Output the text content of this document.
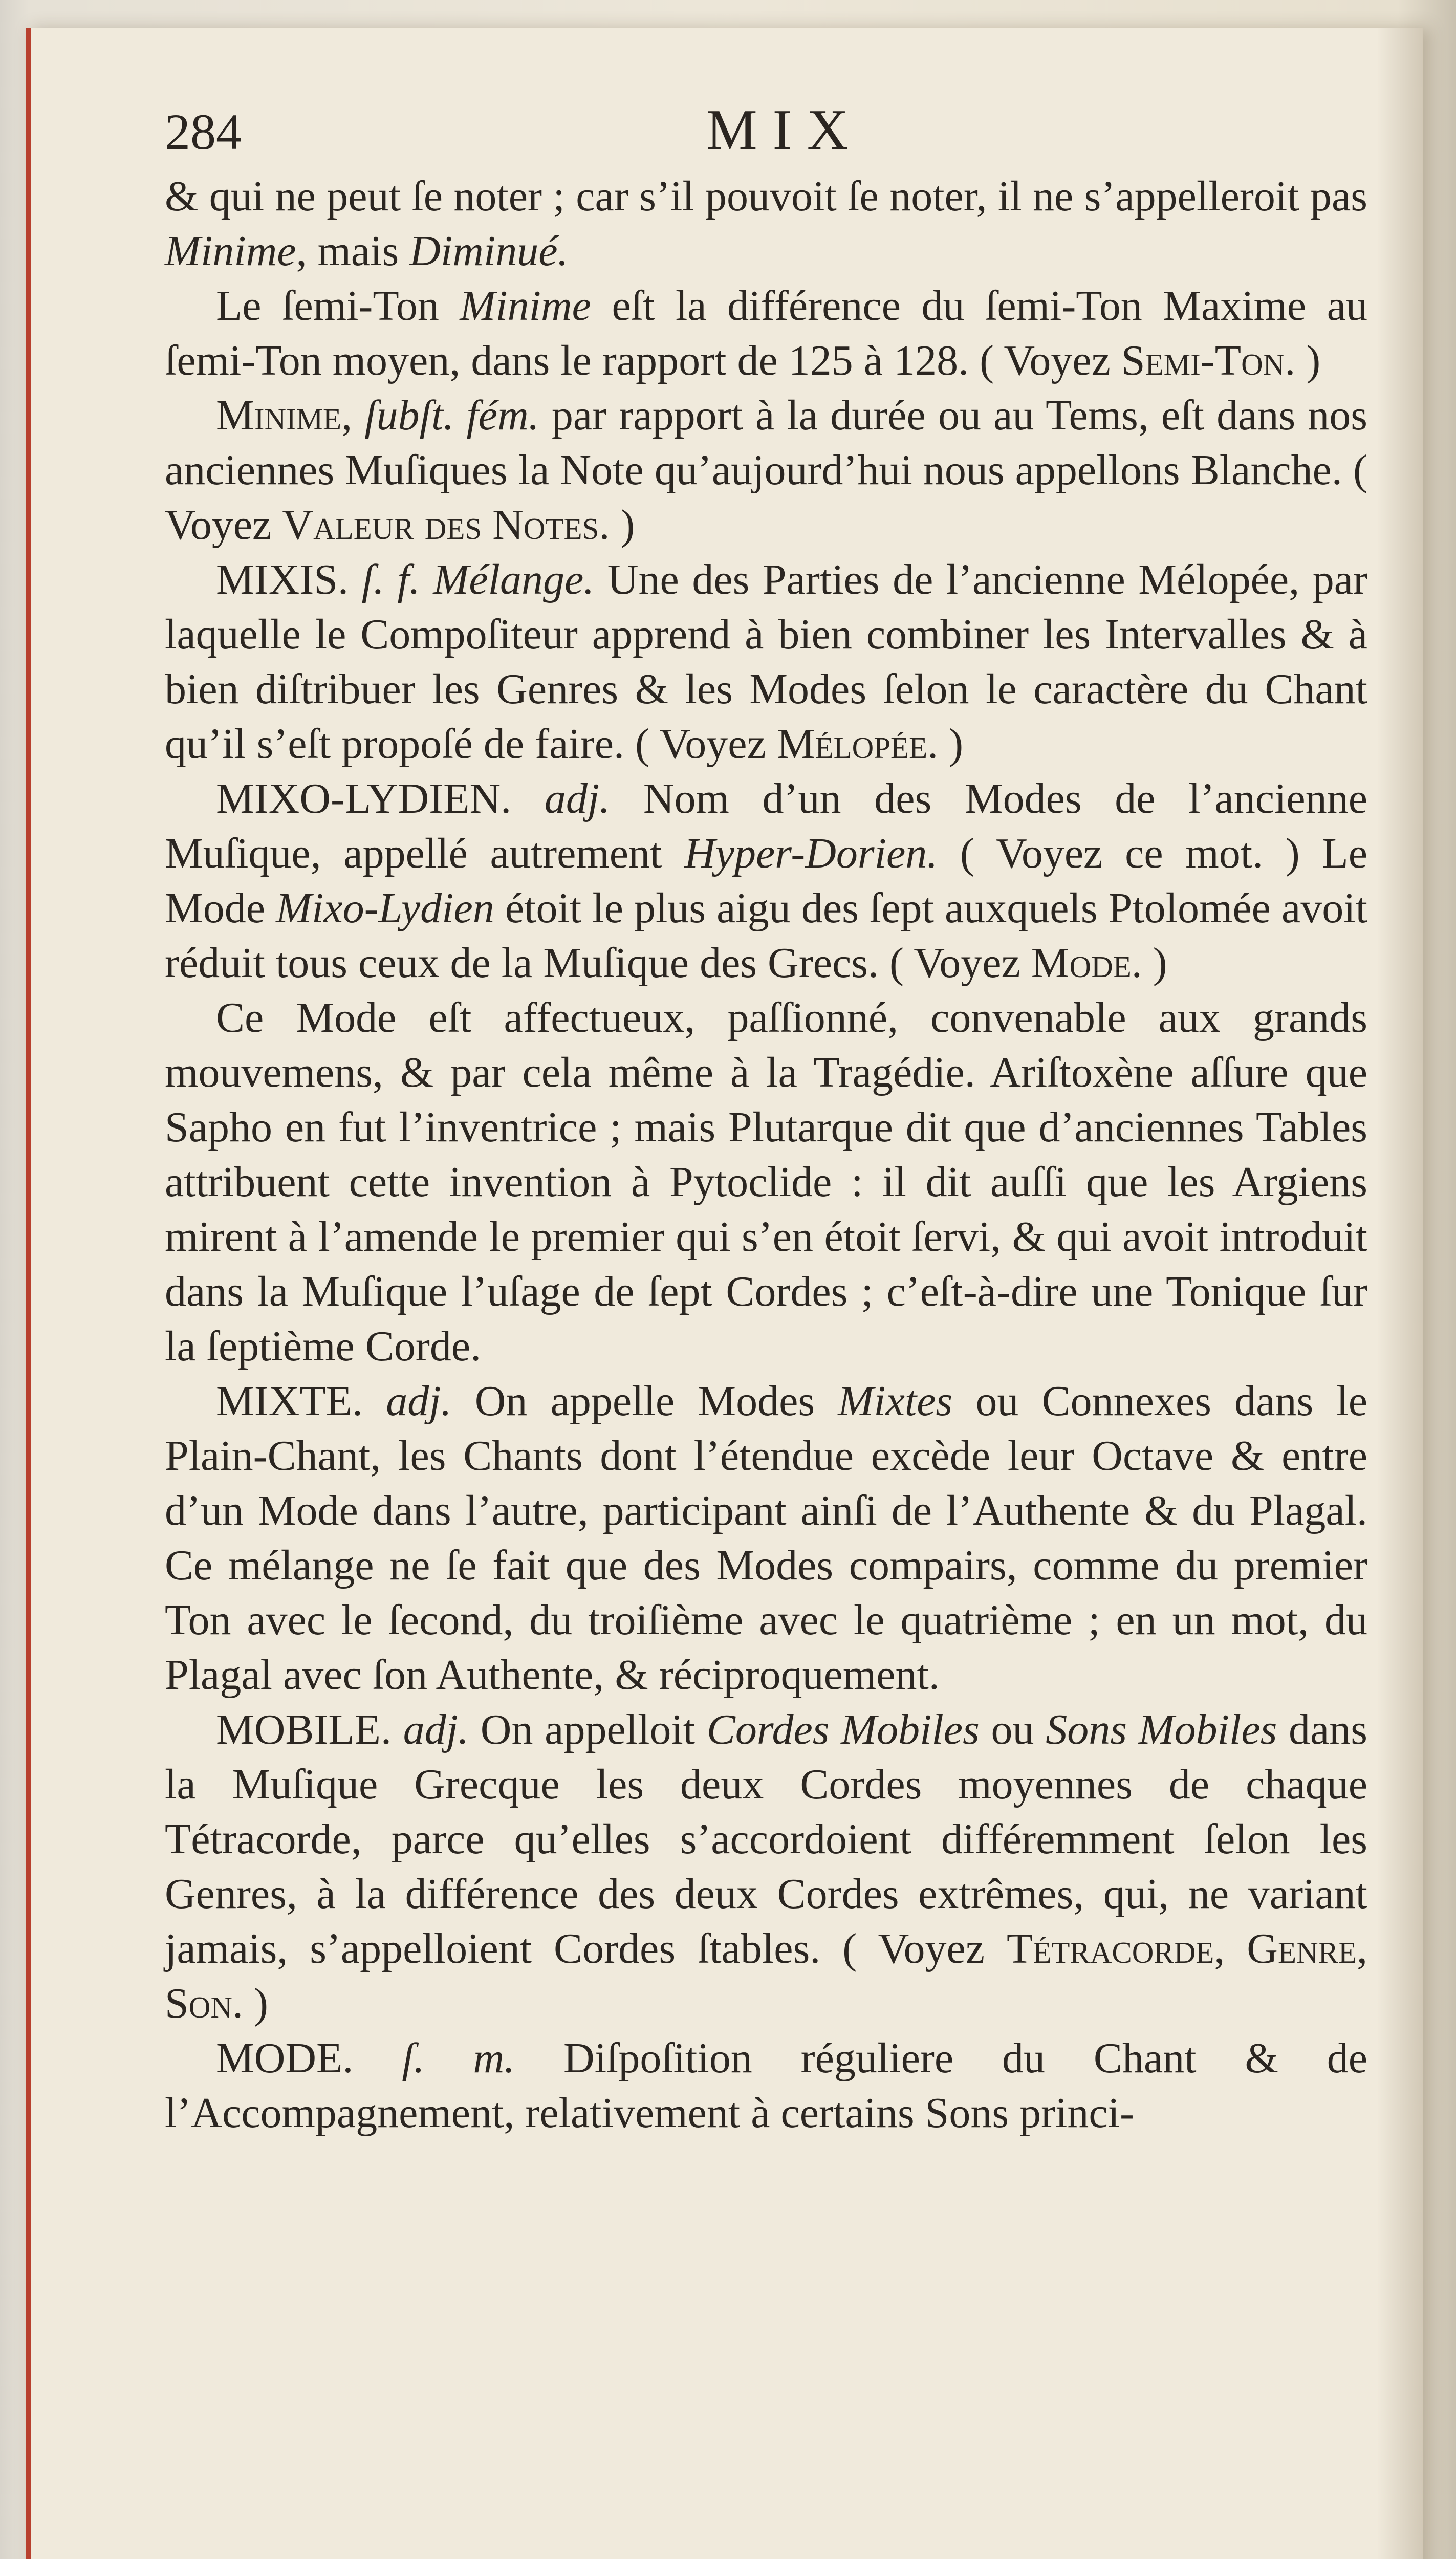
284	MIX

& qui ne peut ſe noter ; car s’il pouvoit ſe noter, il ne s’appelleroit pas Minime, mais Diminué.

Le ſemi-Ton Minime eſt la différence du ſemi-Ton Maxime au ſemi-Ton moyen, dans le rapport de 125 à 128. ( Voyez Semi-Ton. )

Minime, ſubſt. fém. par rapport à la durée ou au Tems, eſt dans nos anciennes Muſiques la Note qu’aujourd’hui nous appellons Blanche. ( Voyez Valeur des Notes. )

MIXIS. ſ. f. Mélange. Une des Parties de l’ancienne Mélopée, par laquelle le Compoſiteur apprend à bien combiner les Intervalles & à bien diſtribuer les Genres & les Modes ſelon le caractère du Chant qu’il s’eſt propoſé de faire. ( Voyez Mélopée. )

MIXO-LYDIEN. adj. Nom d’un des Modes de l’ancienne Muſique, appellé autrement Hyper-Dorien. ( Voyez ce mot. ) Le Mode Mixo-Lydien étoit le plus aigu des ſept auxquels Ptolomée avoit réduit tous ceux de la Muſique des Grecs. ( Voyez Mode. )

Ce Mode eſt affectueux, paſſionné, convenable aux grands mouvemens, & par cela même à la Tragédie. Ariſtoxène aſſure que Sapho en fut l’inventrice ; mais Plutarque dit que d’anciennes Tables attribuent cette invention à Pytoclide : il dit auſſi que les Argiens mirent à l’amende le premier qui s’en étoit ſervi, & qui avoit introduit dans la Muſique l’uſage de ſept Cordes ; c’eſt-à-dire une Tonique ſur la ſeptième Corde.

MIXTE. adj. On appelle Modes Mixtes ou Connexes dans le Plain-Chant, les Chants dont l’étendue excède leur Octave & entre d’un Mode dans l’autre, participant ainſi de l’Authente & du Plagal. Ce mélange ne ſe fait que des Modes compairs, comme du premier Ton avec le ſecond, du troiſième avec le quatrième ; en un mot, du Plagal avec ſon Authente, & réciproquement.

MOBILE. adj. On appelloit Cordes Mobiles ou Sons Mobiles dans la Muſique Grecque les deux Cordes moyennes de chaque Tétracorde, parce qu’elles s’accordoient différemment ſelon les Genres, à la différence des deux Cordes extrêmes, qui, ne variant jamais, s’appelloient Cordes ſtables. ( Voyez Tétracorde, Genre, Son. )

MODE. ſ. m. Diſpoſition réguliere du Chant & de l’Accompagnement, relativement à certains Sons princi-
